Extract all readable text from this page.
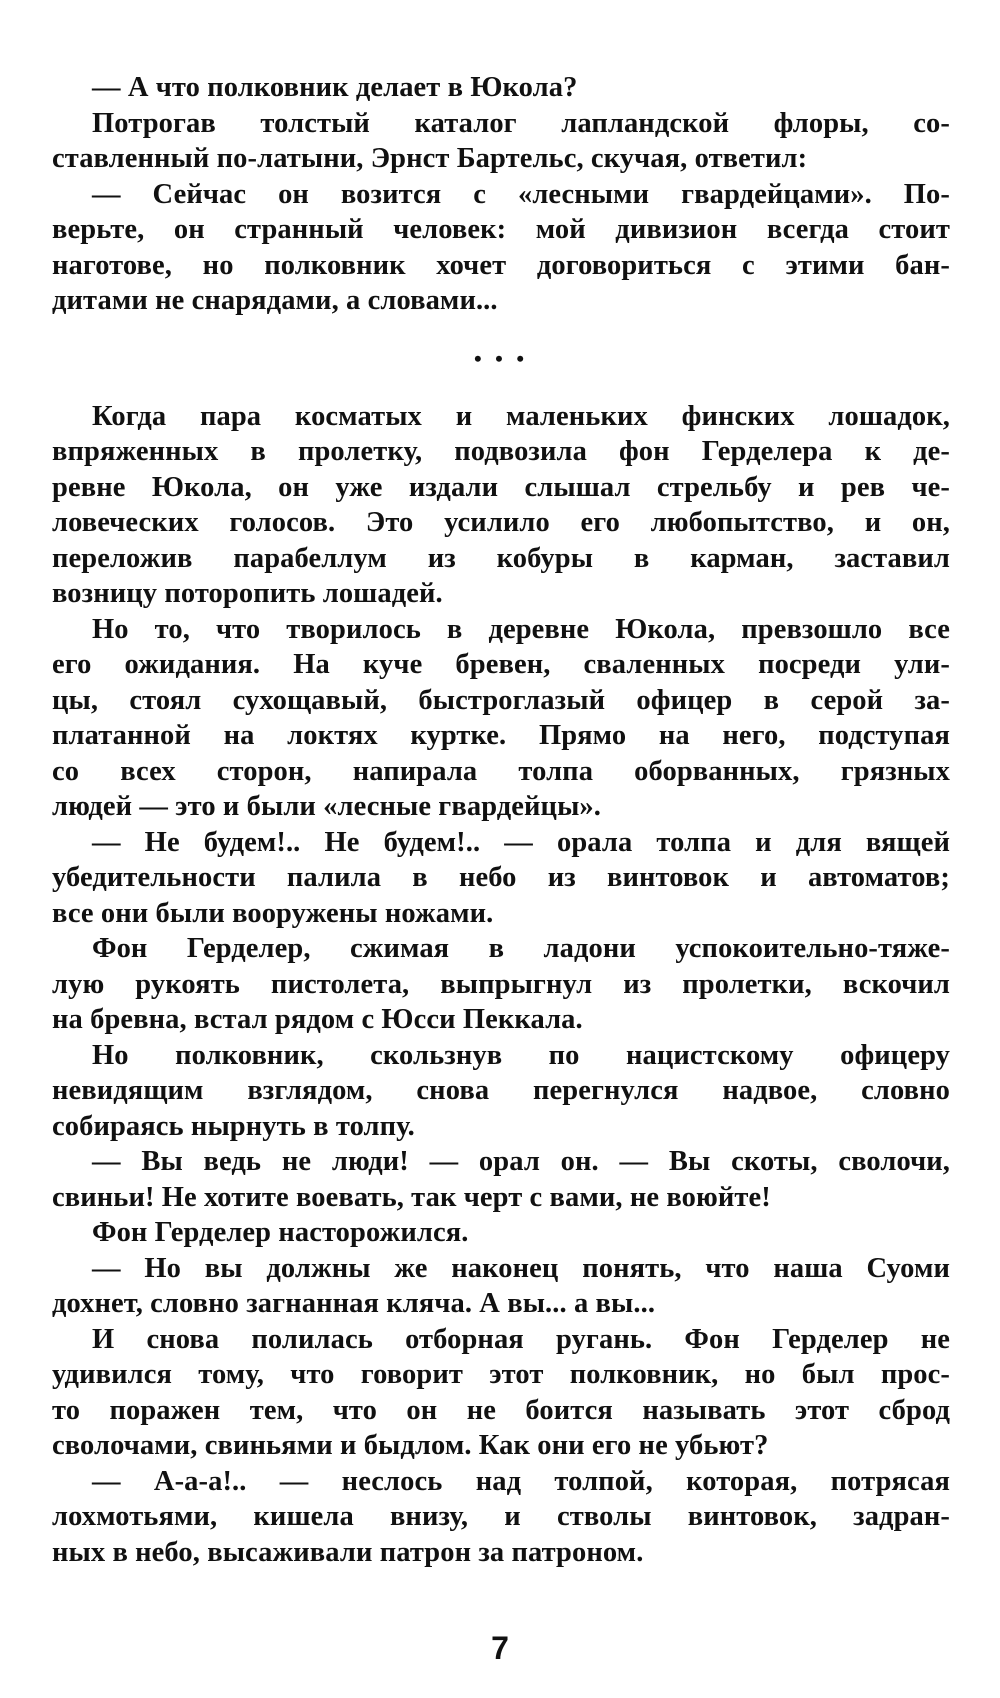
— А что полковник делает в Юкола?
Потрогав толстый каталог лапландской флоры, со-
ставленный по-латыни, Эрнст Бартельс, скучая, ответил:
— Сейчас он возится с «лесными гвардейцами». По-
верьте, он странный человек: мой дивизион всегда стоит
наготове, но полковник хочет договориться с этими бан-
дитами не снарядами, а словами...
• • •
Когда пара косматых и маленьких финских лошадок,
впряженных в пролетку, подвозила фон Герделера к де-
ревне Юкола, он уже издали слышал стрельбу и рев че-
ловеческих голосов. Это усилило его любопытство, и он,
переложив парабеллум из кобуры в карман, заставил
возницу поторопить лошадей.
Но то, что творилось в деревне Юкола, превзошло все
его ожидания. На куче бревен, сваленных посреди ули-
цы, стоял сухощавый, быстроглазый офицер в серой за-
платанной на локтях куртке. Прямо на него, подступая
со всех сторон, напирала толпа оборванных, грязных
людей — это и были «лесные гвардейцы».
— Не будем!.. Не будем!.. — орала толпа и для вящей
убедительности палила в небо из винтовок и автоматов;
все они были вооружены ножами.
Фон Герделер, сжимая в ладони успокоительно-тяже-
лую рукоять пистолета, выпрыгнул из пролетки, вскочил
на бревна, встал рядом с Юсси Пеккала.
Но полковник, скользнув по нацистскому офицеру
невидящим взглядом, снова перегнулся надвое, словно
собираясь нырнуть в толпу.
— Вы ведь не люди! — орал он. — Вы скоты, сволочи,
свиньи! Не хотите воевать, так черт с вами, не воюйте!
Фон Герделер насторожился.
— Но вы должны же наконец понять, что наша Суоми
дохнет, словно загнанная кляча. А вы... а вы...
И снова полилась отборная ругань. Фон Герделер не
удивился тому, что говорит этот полковник, но был прос-
то поражен тем, что он не боится называть этот сброд
сволочами, свиньями и быдлом. Как они его не убьют?
— А-а-а!.. — неслось над толпой, которая, потрясая
лохмотьями, кишела внизу, и стволы винтовок, задран-
ных в небо, высаживали патрон за патроном.
7
